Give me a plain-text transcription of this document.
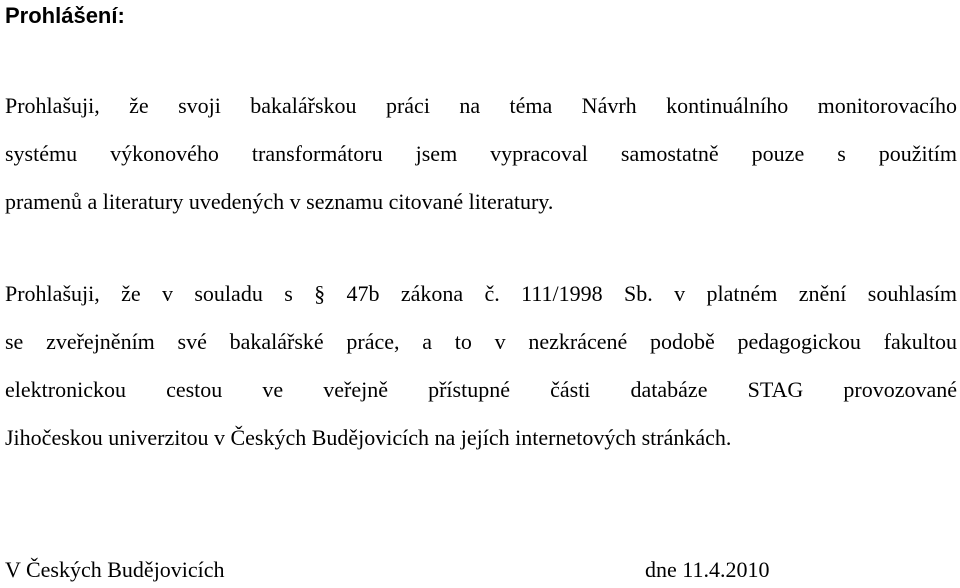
Prohlášení:
Prohlašuji, že svoji bakalářskou práci na téma Návrh kontinuálního monitorovacího
systému výkonového transformátoru jsem vypracoval samostatně pouze s použitím
pramenů a literatury uvedených v seznamu citované literatury.
Prohlašuji, že v souladu s § 47b zákona č. 111/1998 Sb. v platném znění souhlasím
se zveřejněním své bakalářské práce, a to v nezkrácené podobě pedagogickou fakultou
elektronickou cestou ve veřejně přístupné části databáze STAG provozované
Jihočeskou univerzitou v Českých Budějovicích na jejích internetových stránkách.
V Českých Budějovicích	dne 11.4.2010
